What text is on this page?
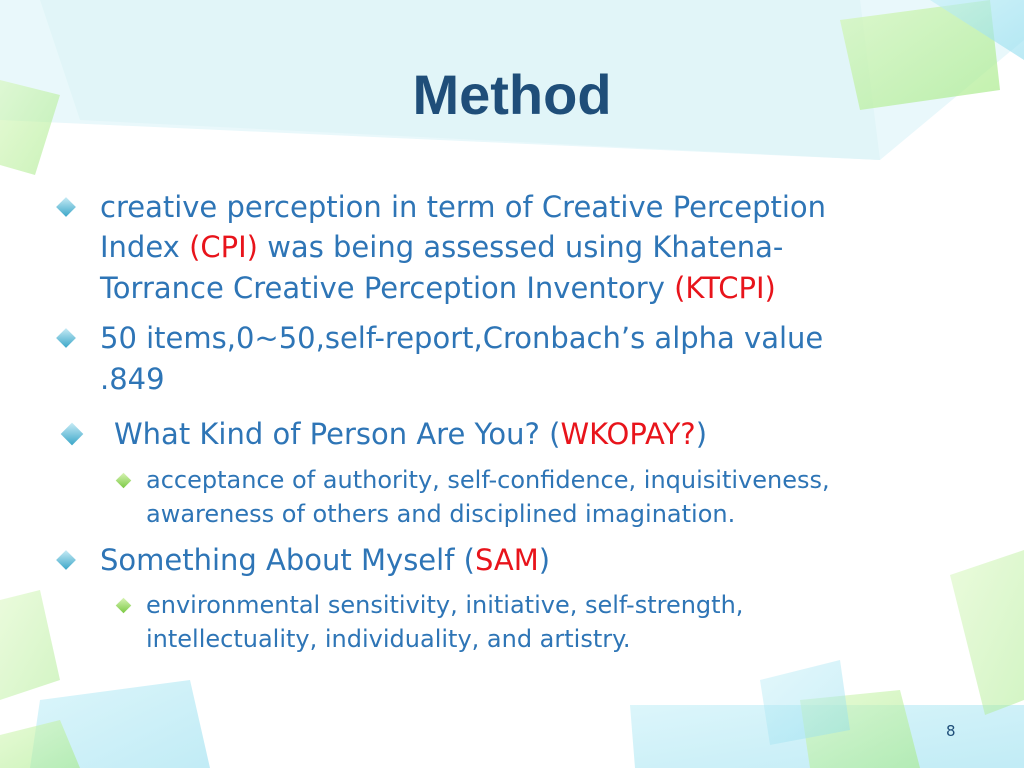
Method
creative perception in term of Creative Perception
Index (CPI) was being assessed using Khatena-
Torrance Creative Perception Inventory (KTCPI)
50 items,0~50,self-report,Cronbach’s alpha value
.849
What Kind of Person Are You? (WKOPAY?)
acceptance of authority, self-confidence, inquisitiveness,
awareness of others and disciplined imagination.
Something About Myself (SAM)
environmental sensitivity, initiative, self-strength,
intellectuality, individuality, and artistry.
8
